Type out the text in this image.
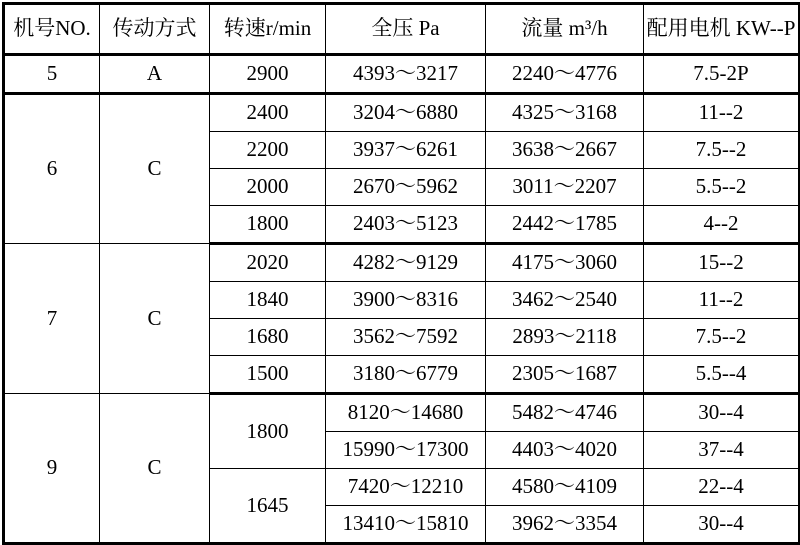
机号NO.	传动方式	转速r/min	全压 Pa	流量 m³/h	配用电机 KW--P
5	A	2900	4393～3217	2240～4776	7.5-2P
6	C	2400	3204～6880	4325～3168	11--2
		2200	3937～6261	3638～2667	7.5--2
		2000	2670～5962	3011～2207	5.5--2
		1800	2403～5123	2442～1785	4--2
7	C	2020	4282～9129	4175～3060	15--2
		1840	3900～8316	3462～2540	11--2
		1680	3562～7592	2893～2118	7.5--2
		1500	3180～6779	2305～1687	5.5--4
9	C	1800	8120～14680	5482～4746	30--4
			15990～17300	4403～4020	37--4
		1645	7420～12210	4580～4109	22--4
			13410～15810	3962～3354	30--4
